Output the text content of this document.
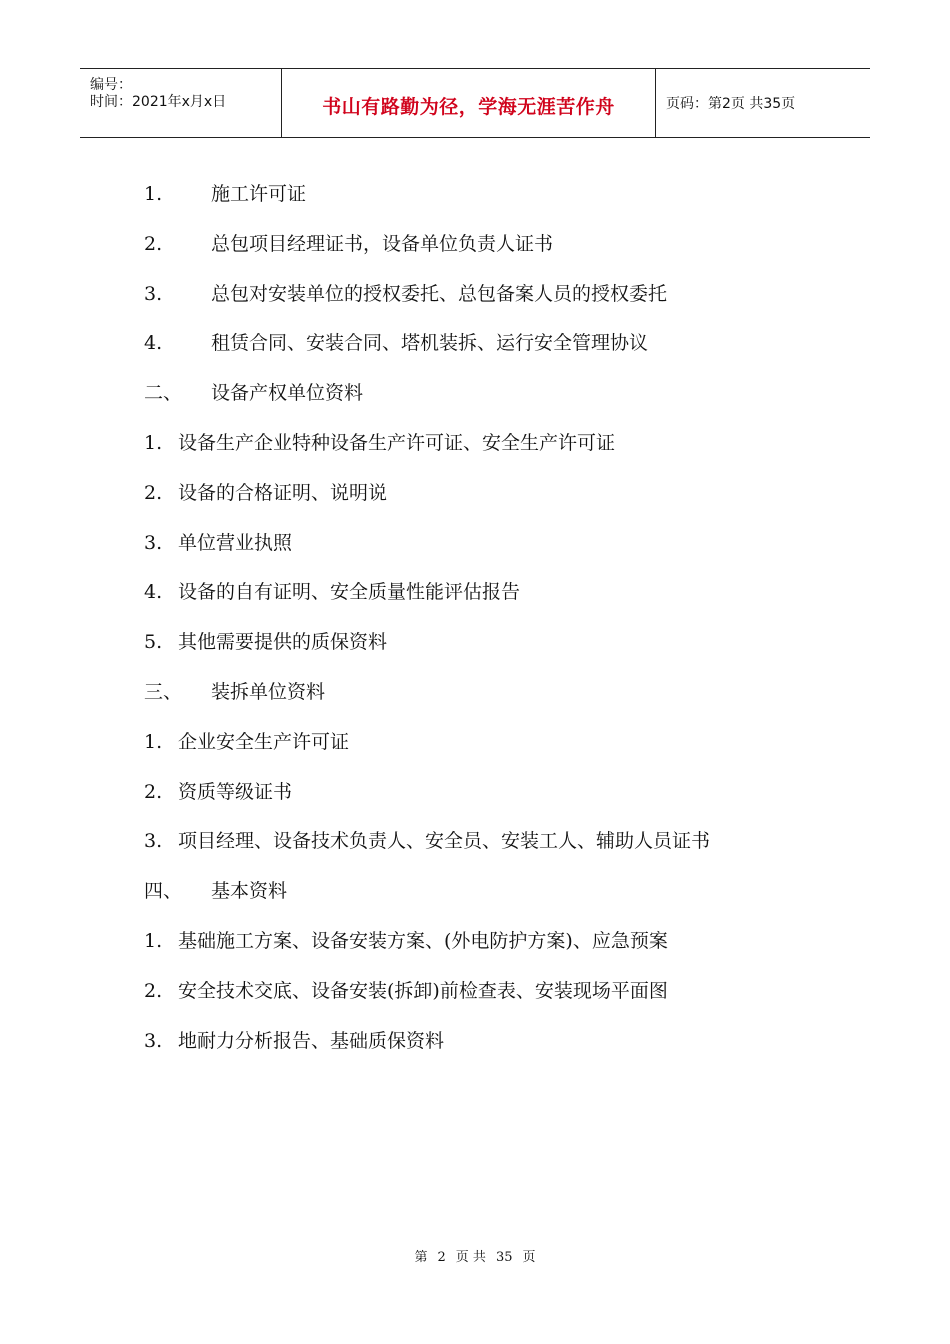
编号：
时间：2021年x月x日	书山有路勤为径，学海无涯苦作舟	页码：第2页 共35页
1.	施工许可证
2.	总包项目经理证书，设备单位负责人证书
3.	总包对安装单位的授权委托、总包备案人员的授权委托
4.	租赁合同、安装合同、塔机装拆、运行安全管理协议
二、 设备产权单位资料
1. 设备生产企业特种设备生产许可证、安全生产许可证
2. 设备的合格证明、说明说
3. 单位营业执照
4. 设备的自有证明、安全质量性能评估报告
5. 其他需要提供的质保资料
三、 装拆单位资料
1. 企业安全生产许可证
2. 资质等级证书
3. 项目经理、设备技术负责人、安全员、安装工人、辅助人员证书
四、 基本资料
1. 基础施工方案、设备安装方案、(外电防护方案)、应急预案
2. 安全技术交底、设备安装(拆卸)前检查表、安装现场平面图
3. 地耐力分析报告、基础质保资料
第 2 页 共 35 页
